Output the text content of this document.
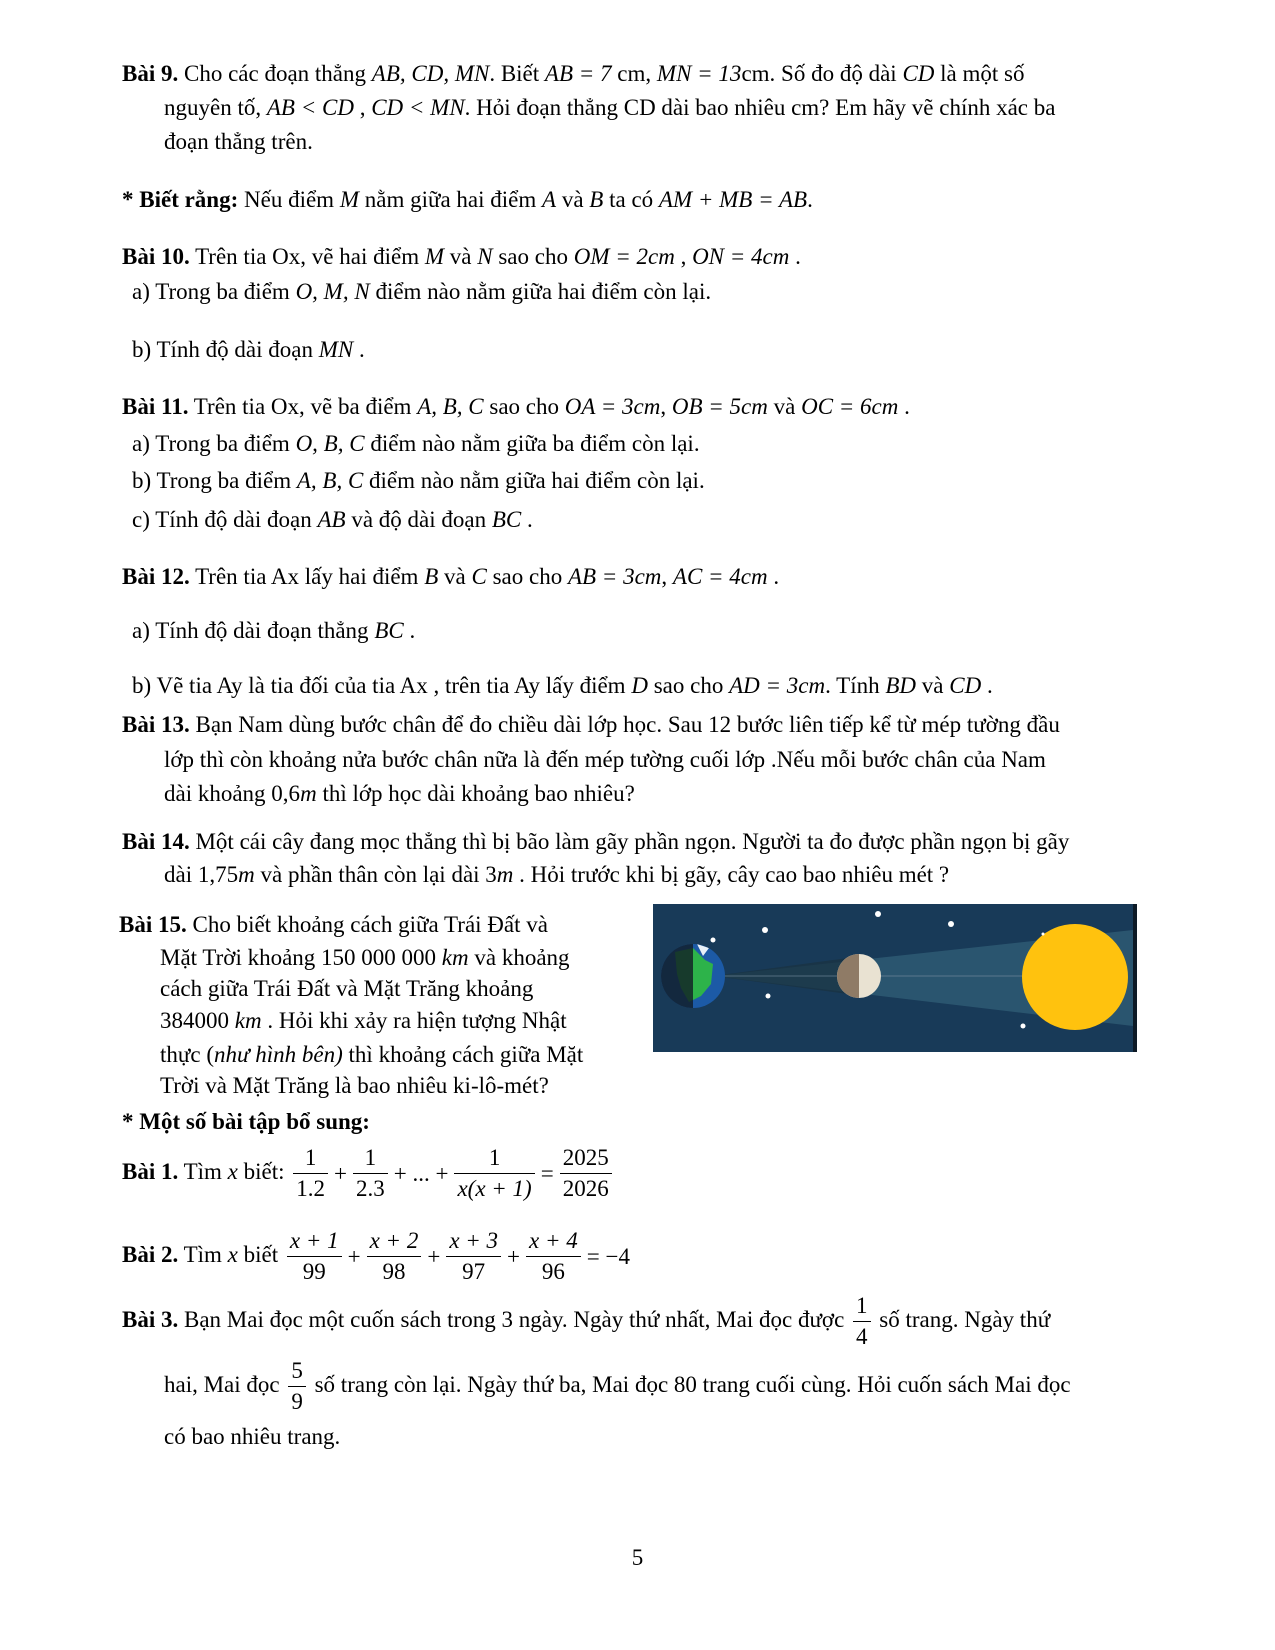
Bài 9. Cho các đoạn thẳng AB, CD, MN. Biết AB = 7 cm, MN = 13cm. Số đo độ dài CD là một số
nguyên tố, AB < CD , CD < MN. Hỏi đoạn thẳng CD dài bao nhiêu cm? Em hãy vẽ chính xác ba
đoạn thẳng trên.
* Biết rằng: Nếu điểm M nằm giữa hai điểm A và B ta có AM + MB = AB.
Bài 10. Trên tia Ox, vẽ hai điểm M và N sao cho OM = 2cm , ON = 4cm .
a) Trong ba điểm O, M, N điểm nào nằm giữa hai điểm còn lại.
b) Tính độ dài đoạn MN .
Bài 11. Trên tia Ox, vẽ ba điểm A, B, C sao cho OA = 3cm, OB = 5cm và OC = 6cm .
a) Trong ba điểm O, B, C điểm nào nằm giữa ba điểm còn lại.
b) Trong ba điểm A, B, C điểm nào nằm giữa hai điểm còn lại.
c) Tính độ dài đoạn AB và độ dài đoạn BC .
Bài 12. Trên tia Ax lấy hai điểm B và C sao cho AB = 3cm, AC = 4cm .
a) Tính độ dài đoạn thẳng BC .
b) Vẽ tia Ay là tia đối của tia Ax , trên tia Ay lấy điểm D sao cho AD = 3cm. Tính BD và CD .
Bài 13. Bạn Nam dùng bước chân để đo chiều dài lớp học. Sau 12 bước liên tiếp kể từ mép tường đầu
lớp thì còn khoảng nửa bước chân nữa là đến mép tường cuối lớp .Nếu mỗi bước chân của Nam
dài khoảng 0,6m thì lớp học dài khoảng bao nhiêu?
Bài 14. Một cái cây đang mọc thẳng thì bị bão làm gãy phần ngọn. Người ta đo được phần ngọn bị gãy
dài 1,75m và phần thân còn lại dài 3m . Hỏi trước khi bị gãy, cây cao bao nhiêu mét ?
Bài 15. Cho biết khoảng cách giữa Trái Đất và
Mặt Trời khoảng 150 000 000 km và khoảng
cách giữa Trái Đất và Mặt Trăng khoảng
384000 km . Hỏi khi xảy ra hiện tượng Nhật
thực (như hình bên) thì khoảng cách giữa Mặt
Trời và Mặt Trăng là bao nhiêu ki-lô-mét?
* Một số bài tập bổ sung:
Bài 1. Tìm x biết: $\frac{1}{1.2} + \frac{1}{2.3}$ + ... + $\frac{1}{x(x + 1)} = \frac{2025}{2026}$
Bài 2. Tìm x biết $\frac{x + 1}{99} + \frac{x + 2}{98} + \frac{x + 3}{97} + \frac{x + 4}{96} = -4$
Bài 3. Bạn Mai đọc một cuốn sách trong 3 ngày. Ngày thứ nhất, Mai đọc được $\frac{1}{4}$ số trang. Ngày thứ
hai, Mai đọc $\frac{5}{9}$ số trang còn lại. Ngày thứ ba, Mai đọc 80 trang cuối cùng. Hỏi cuốn sách Mai đọc
có bao nhiêu trang.
5
